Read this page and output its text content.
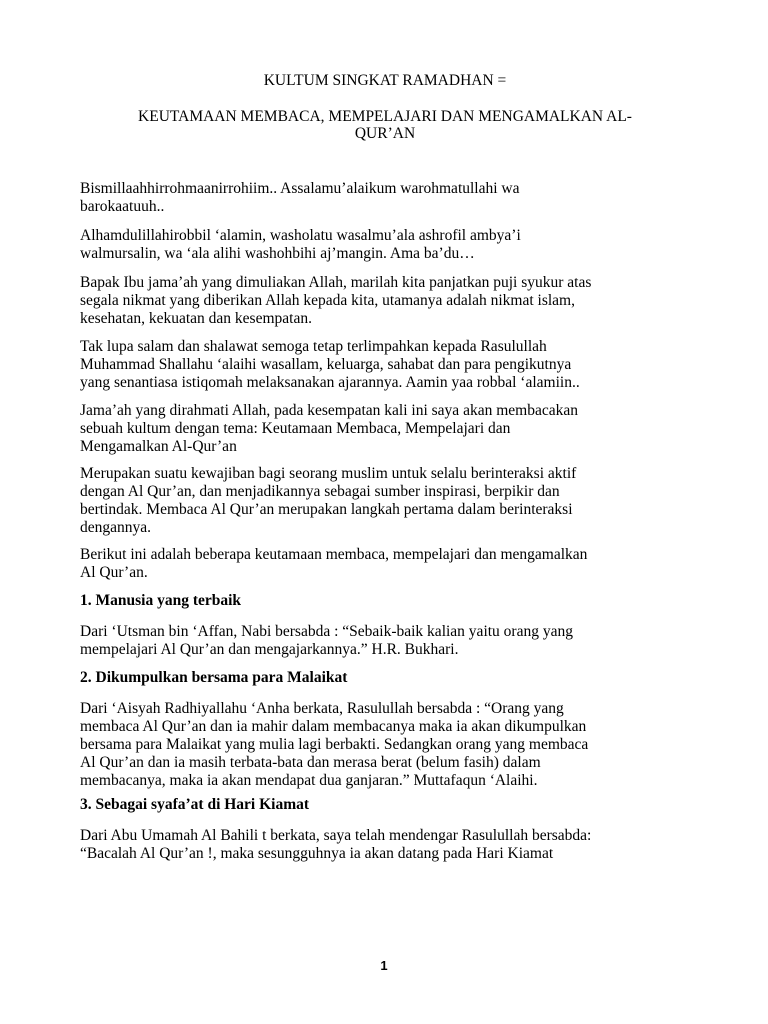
KULTUM SINGKAT RAMADHAN =
KEUTAMAAN MEMBACA, MEMPELAJARI DAN MENGAMALKAN AL-
QUR’AN
Bismillaahhirrohmaanirrohiim.. Assalamu’alaikum warohmatullahi wa
barokaatuuh..
Alhamdulillahirobbil ‘alamin, washolatu wasalmu’ala ashrofil ambya’i
walmursalin, wa ‘ala alihi washohbihi aj’mangin. Ama ba’du…
Bapak Ibu jama’ah yang dimuliakan Allah, marilah kita panjatkan puji syukur atas
segala nikmat yang diberikan Allah kepada kita, utamanya adalah nikmat islam,
kesehatan, kekuatan dan kesempatan.
Tak lupa salam dan shalawat semoga tetap terlimpahkan kepada Rasulullah
Muhammad Shallahu ‘alaihi wasallam, keluarga, sahabat dan para pengikutnya
yang senantiasa istiqomah melaksanakan ajarannya. Aamin yaa robbal ‘alamiin..
Jama’ah yang dirahmati Allah, pada kesempatan kali ini saya akan membacakan
sebuah kultum dengan tema: Keutamaan Membaca, Mempelajari dan
Mengamalkan Al-Qur’an
Merupakan suatu kewajiban bagi seorang muslim untuk selalu berinteraksi aktif
dengan Al Qur’an, dan menjadikannya sebagai sumber inspirasi, berpikir dan
bertindak. Membaca Al Qur’an merupakan langkah pertama dalam berinteraksi
dengannya.
Berikut ini adalah beberapa keutamaan membaca, mempelajari dan mengamalkan
Al Qur’an.
1. Manusia yang terbaik
Dari ‘Utsman bin ‘Affan, Nabi bersabda : “Sebaik-baik kalian yaitu orang yang
mempelajari Al Qur’an dan mengajarkannya.” H.R. Bukhari.
2. Dikumpulkan bersama para Malaikat
Dari ‘Aisyah Radhiyallahu ‘Anha berkata, Rasulullah bersabda : “Orang yang
membaca Al Qur’an dan ia mahir dalam membacanya maka ia akan dikumpulkan
bersama para Malaikat yang mulia lagi berbakti. Sedangkan orang yang membaca
Al Qur’an dan ia masih terbata-bata dan merasa berat (belum fasih) dalam
membacanya, maka ia akan mendapat dua ganjaran.” Muttafaqun ‘Alaihi.
3. Sebagai syafa’at di Hari Kiamat
Dari Abu Umamah Al Bahili t berkata, saya telah mendengar Rasulullah bersabda:
“Bacalah Al Qur’an !, maka sesungguhnya ia akan datang pada Hari Kiamat
1
